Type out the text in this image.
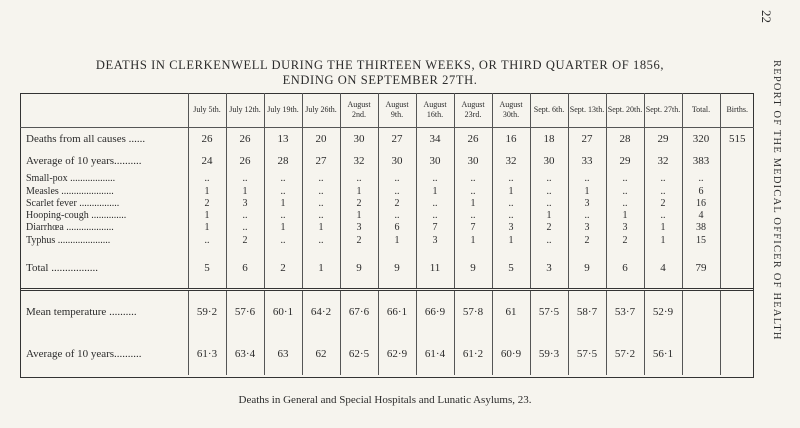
22
REPORT OF THE MEDICAL OFFICER OF HEALTH
DEATHS IN CLERKENWELL DURING THE THIRTEEN WEEKS, OR THIRD QUARTER OF 1856,
ENDING ON SEPTEMBER 27TH.
	July 5th.	July 12th.	July 19th.	July 26th.	August 2nd.	August 9th.	August 16th.	August 23rd.	August 30th.	Sept. 6th.	Sept. 13th.	Sept. 20th.	Sept. 27th.	Total.	Births.
Deaths from all causes ......	26	26	13	20	30	27	34	26	16	18	27	28	29	320	515
Average of 10 years..........	24	26	28	27	32	30	30	30	32	30	33	29	32	383	
Small-pox ..................	..	..	..	..	..	..	..	..	..	..	..	..	..	..	
Measles .....................	1	1	..	..	1	..	1	..	1	..	1	..	..	6	
Scarlet fever ................	2	3	1	..	2	2	..	1	..	..	3	..	2	16	
Hooping-cough ..............	1	..	..	..	1	..	..	..	..	1	..	1	..	4	
Diarrhœa ...................	1	..	1	1	3	6	7	7	3	2	3	3	1	38	
Typhus .....................	..	2	..	..	2	1	3	1	1	..	2	2	1	15	
Total .................	5	6	2	1	9	9	11	9	5	3	9	6	4	79	
Mean temperature ..........	59·2	57·6	60·1	64·2	67·6	66·1	66·9	57·8	61	57·5	58·7	53·7	52·9		
Average of 10 years..........	61·3	63·4	63	62	62·5	62·9	61·4	61·2	60·9	59·3	57·5	57·2	56·1		
Deaths in General and Special Hospitals and Lunatic Asylums, 23.
